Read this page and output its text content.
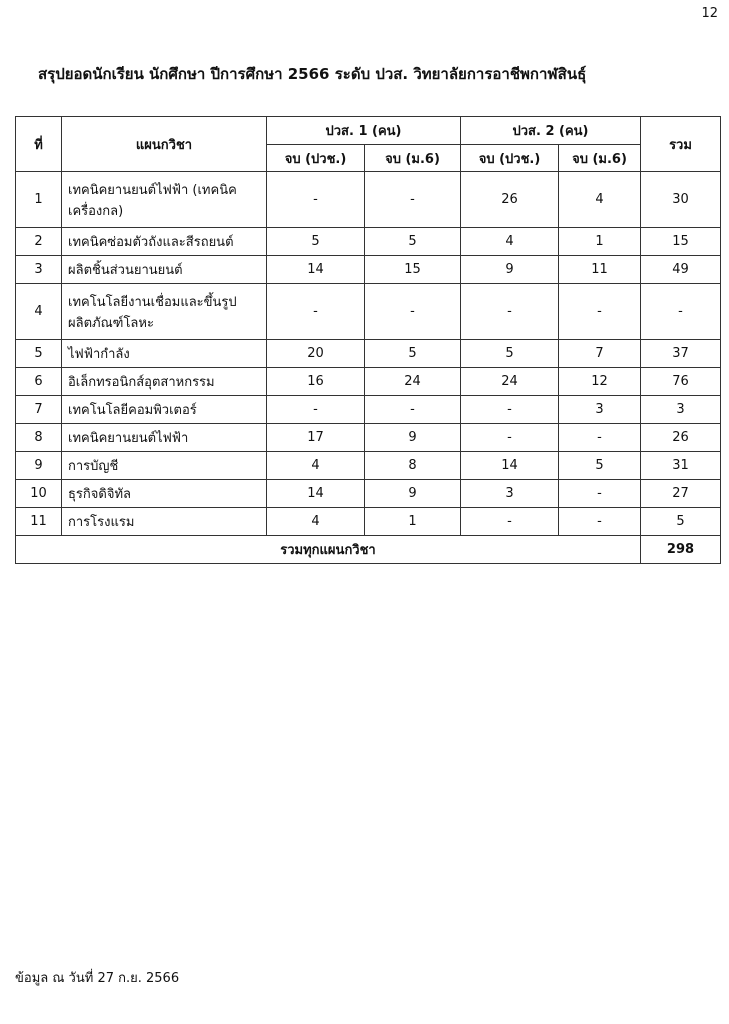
12
สรุปยอดนักเรียน นักศึกษา ปีการศึกษา 2566 ระดับ ปวส. วิทยาลัยการอาชีพกาฬสินธุ์
ที่	แผนกวิชา	ปวส. 1 (คน)		ปวส. 2 (คน)		รวม
		จบ (ปวช.)	จบ (ม.6)	จบ (ปวช.)	จบ (ม.6)	
1	เทคนิคยานยนต์ไฟฟ้า (เทคนิคเครื่องกล)	-	-	26	4	30
2	เทคนิคซ่อมตัวถังและสีรถยนต์	5	5	4	1	15
3	ผลิตชิ้นส่วนยานยนต์	14	15	9	11	49
4	เทคโนโลยีงานเชื่อมและขึ้นรูปผลิตภัณฑ์โลหะ	-	-	-	-	-
5	ไฟฟ้ากำลัง	20	5	5	7	37
6	อิเล็กทรอนิกส์อุตสาหกรรม	16	24	24	12	76
7	เทคโนโลยีคอมพิวเตอร์	-	-	-	3	3
8	เทคนิคยานยนต์ไฟฟ้า	17	9	-	-	26
9	การบัญชี	4	8	14	5	31
10	ธุรกิจดิจิทัล	14	9	3	-	27
11	การโรงแรม	4	1	-	-	5
รวมทุกแผนกวิชา						298
ข้อมูล ณ วันที่ 27 ก.ย. 2566
